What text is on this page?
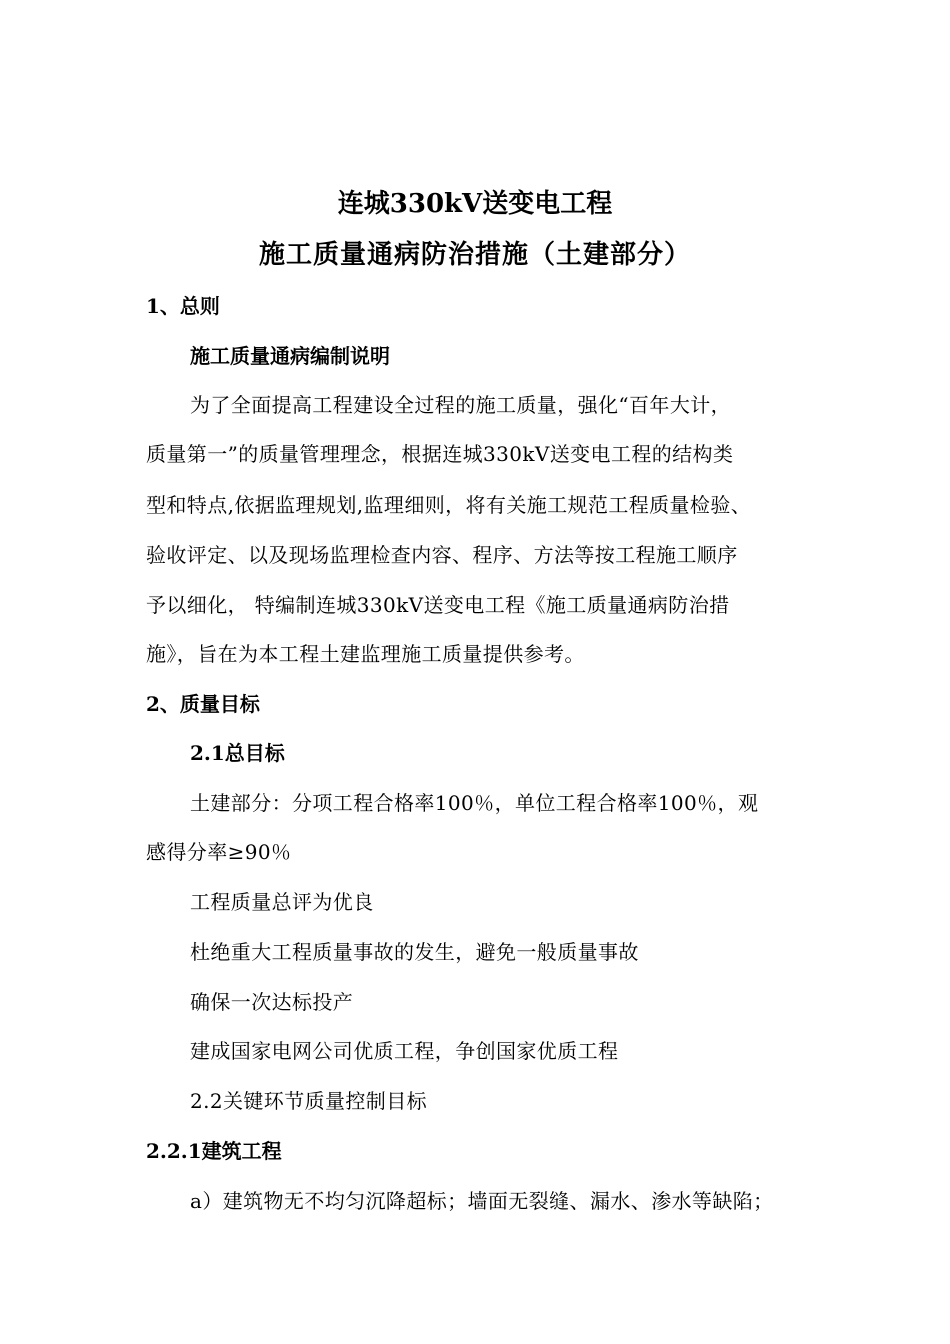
连城330kV送变电工程
施工质量通病防治措施（土建部分）
1、总则
施工质量通病编制说明

为了全面提高工程建设全过程的施工质量，强化“百年大计，

质量第一”的质量管理理念，根据连城330kV送变电工程的结构类

型和特点,依据监理规划,监理细则，将有关施工规范工程质量检验、

验收评定、以及现场监理检查内容、程序、方法等按工程施工顺序

予以细化， 特编制连城330kV送变电工程《施工质量通病防治措

施》，旨在为本工程土建监理施工质量提供参考。

2、质量目标
2.1总目标

土建部分：分项工程合格率100％，单位工程合格率100％，观

感得分率≥90％

工程质量总评为优良

杜绝重大工程质量事故的发生，避免一般质量事故

确保一次达标投产

建成国家电网公司优质工程，争创国家优质工程

2.2关键环节质量控制目标

2.2.1建筑工程

a）建筑物无不均匀沉降超标；墙面无裂缝、漏水、渗水等缺陷；
